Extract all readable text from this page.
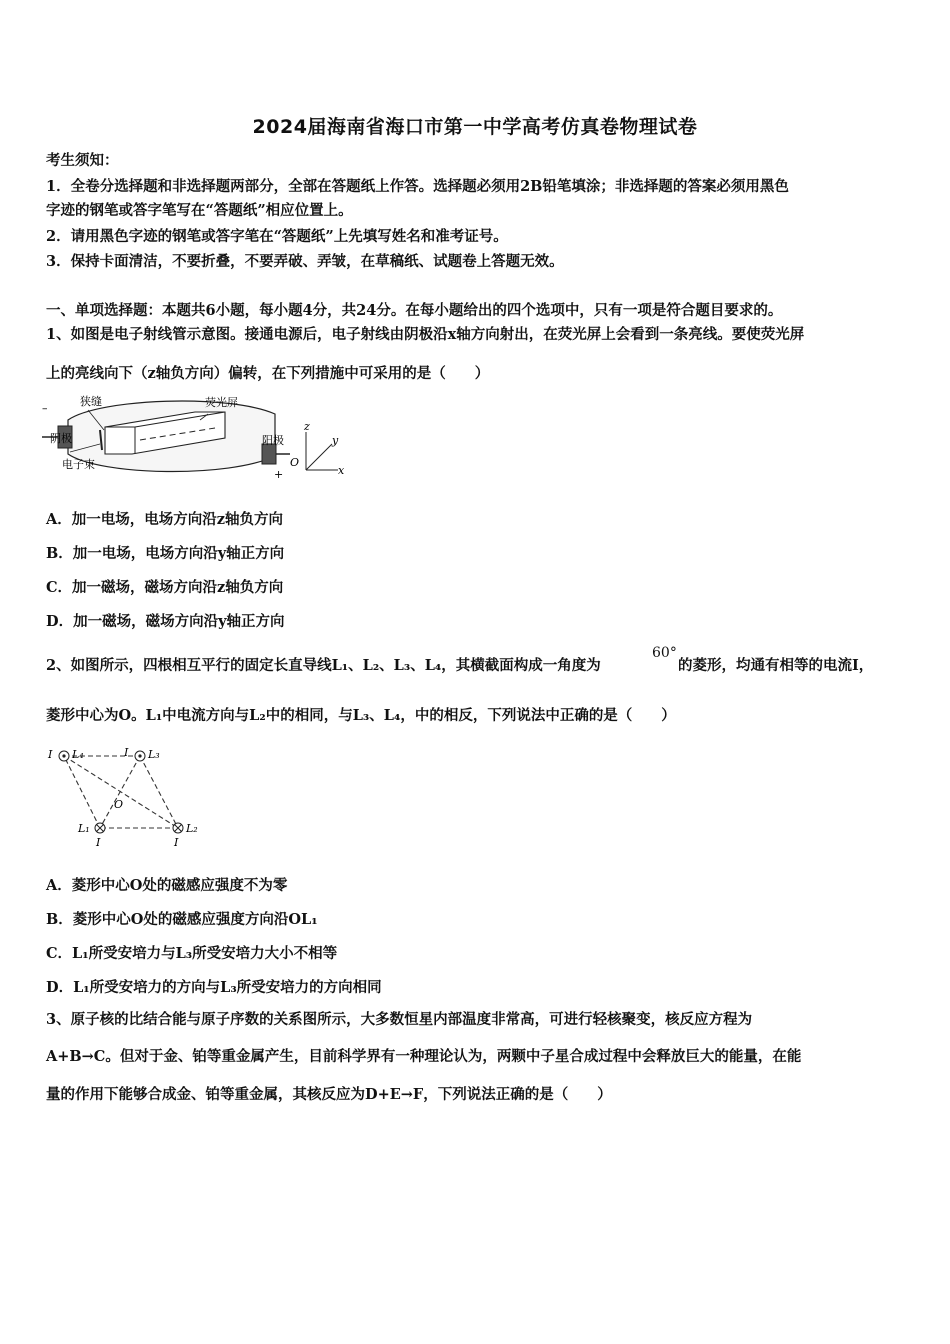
2024届海南省海口市第一中学高考仿真卷物理试卷
考生须知：
1．全卷分选择题和非选择题两部分，全部在答题纸上作答。选择题必须用2B铅笔填涂；非选择题的答案必须用黑色
字迹的钢笔或答字笔写在“答题纸”相应位置上。
2．请用黑色字迹的钢笔或答字笔在“答题纸”上先填写姓名和准考证号。
3．保持卡面清洁，不要折叠，不要弄破、弄皱，在草稿纸、试题卷上答题无效。
一、单项选择题：本题共6小题，每小题4分，共24分。在每小题给出的四个选项中，只有一项是符合题目要求的。
1、如图是电子射线管示意图。接通电源后，电子射线由阴极沿x轴方向射出，在荧光屏上会看到一条亮线。要使荧光屏
上的亮线向下（z轴负方向）偏转，在下列措施中可采用的是（　　）
–
狭缝	荧光屏
阴极
电子束
阳极
+
z
y
x
O
A．加一电场，电场方向沿z轴负方向
B．加一电场，电场方向沿y轴正方向
C．加一磁场，磁场方向沿z轴负方向
D．加一磁场，磁场方向沿y轴正方向
2、如图所示，四根相互平行的固定长直导线L₁、L₂、L₃、L₄，其横截面构成一角度为
60°
的菱形，均通有相等的电流I，
菱形中心为O。L₁中电流方向与L₂中的相同，与L₃、L₄，中的相反，下列说法中正确的是（　　）
I L₄	I L₃
O
L₁
I
L₂
I
A．菱形中心O处的磁感应强度不为零
B．菱形中心O处的磁感应强度方向沿OL₁
C．L₁所受安培力与L₃所受安培力大小不相等
D．L₁所受安培力的方向与L₃所受安培力的方向相同
3、原子核的比结合能与原子序数的关系图所示，大多数恒星内部温度非常高，可进行轻核聚变，核反应方程为
A+B→C。但对于金、铂等重金属产生，目前科学界有一种理论认为，两颗中子星合成过程中会释放巨大的能量，在能
量的作用下能够合成金、铂等重金属，其核反应为D+E→F，下列说法正确的是（　　）
